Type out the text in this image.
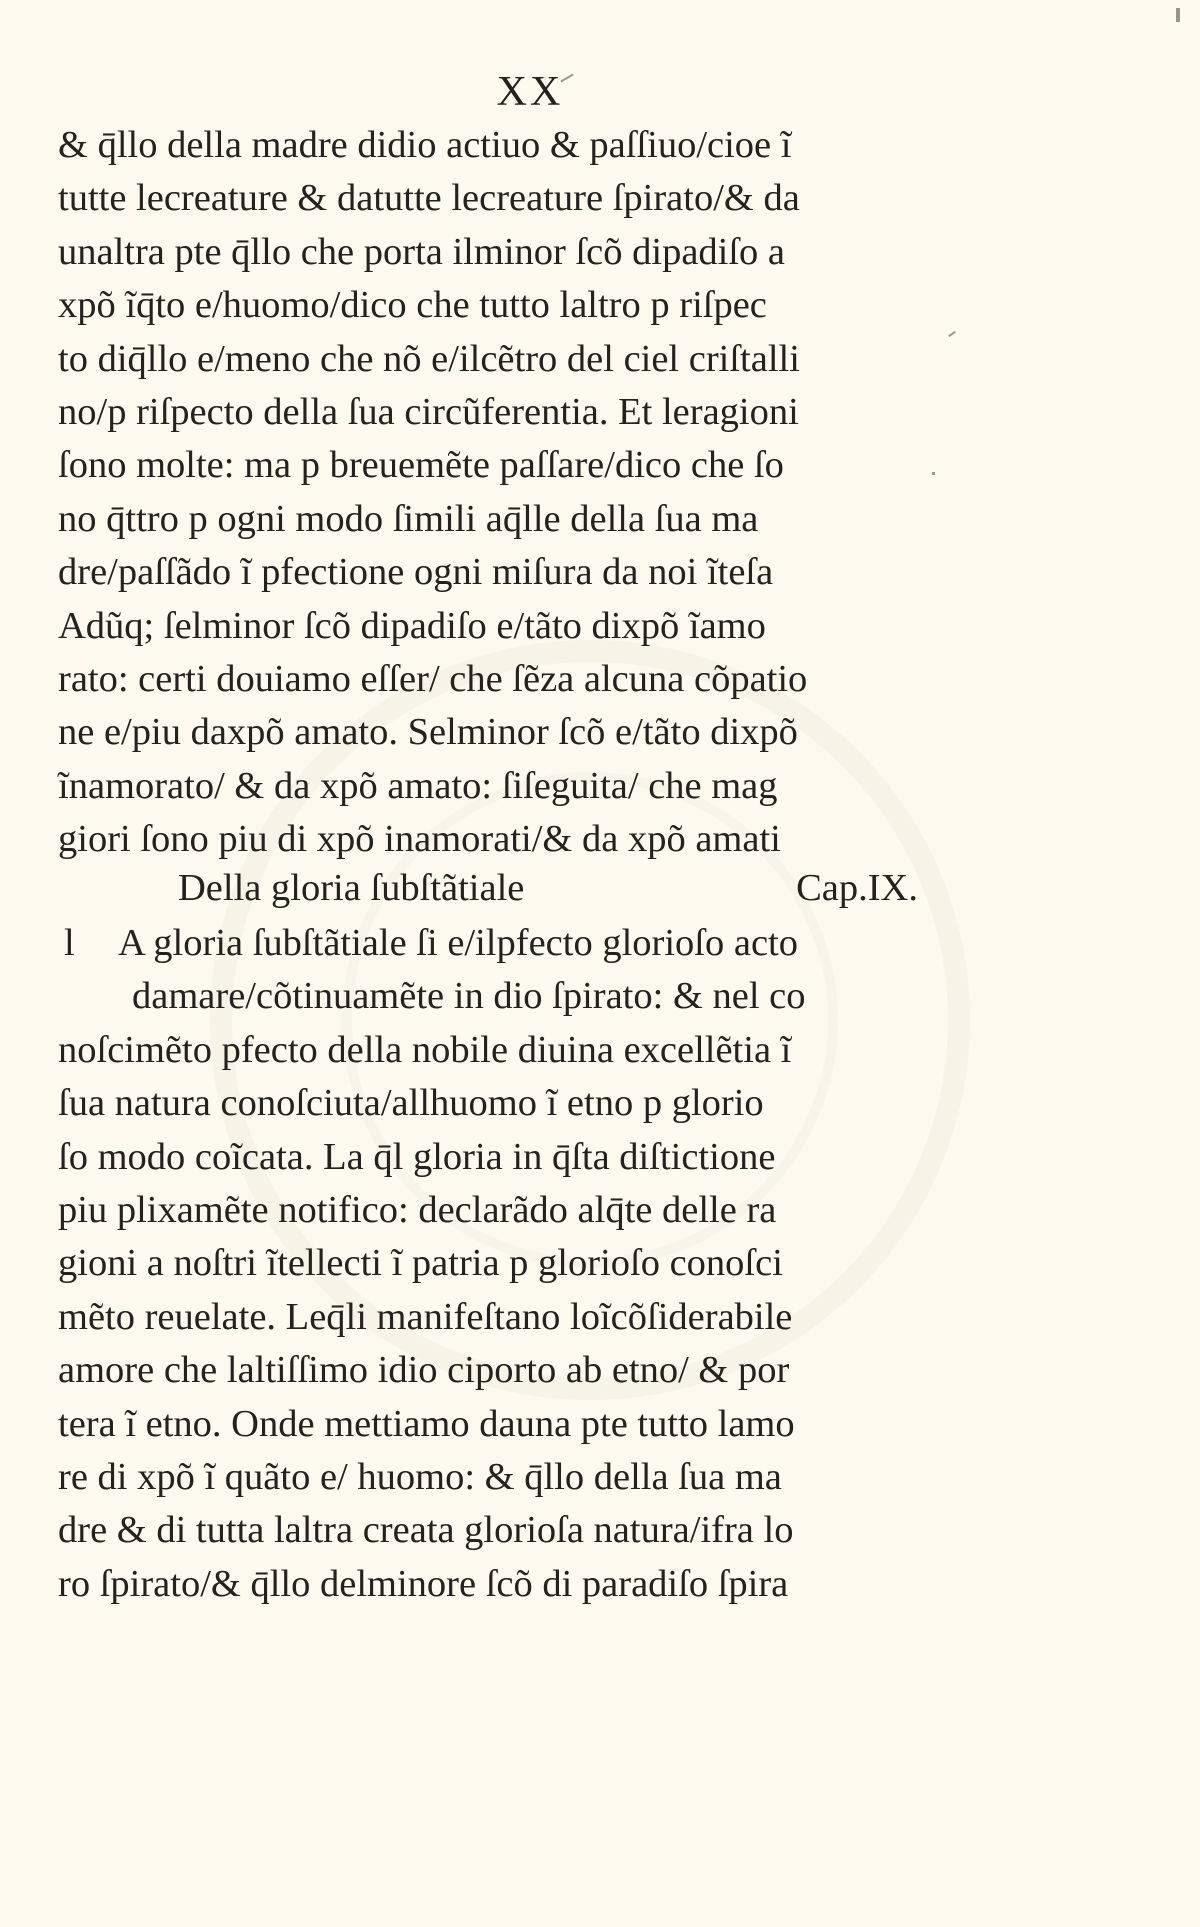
XX
& q̄llo della madre didio actiuo & paſſiuo/cioe ĩ
tutte lecreature & datutte lecreature ſpirato/& da
unaltra pte q̄llo che porta ilminor ſcõ dipadiſo a
xpõ ĩq̄to e/huomo/dico che tutto laltro p riſpec
to diq̄llo e/meno che nõ e/ilcẽtro del ciel criſtalli
no/p riſpecto della ſua circũferentia. Et leragioni
ſono molte: ma p breuemẽte paſſare/dico che ſo
no q̄ttro p ogni modo ſimili aq̄lle della ſua ma
dre/paſſãdo ĩ pfectione ogni miſura da noi ĩteſa
Adũq; ſelminor ſcõ dipadiſo e/tãto dixpõ ĩamo
rato: certi douiamo eſſer/ che ſẽza alcuna cõpatio
ne e/piu daxpõ amato. Selminor ſcõ e/tãto dixpõ
ĩnamorato/ & da xpõ amato: ſiſeguita/ che mag
giori ſono piu di xpõ inamorati/& da xpõ amati
Della gloria ſubſtãtiale	Cap.IX.
l A gloria ſubſtãtiale ſi e/ilpfecto glorioſo acto
damare/cõtinuamẽte in dio ſpirato: & nel co
noſcimẽto pfecto della nobile diuina excellẽtia ĩ
ſua natura conoſciuta/allhuomo ĩ etno p glorio
ſo modo coĩcata. La q̄l gloria in q̄ſta diſtictione
piu plixamẽte notifico: declarãdo alq̄te delle ra
gioni a noſtri ĩtellecti ĩ patria p glorioſo conoſci
mẽto reuelate. Leq̄li manifeſtano loĩcõſiderabile
amore che laltiſſimo idio ciporto ab etno/ & por
tera ĩ etno. Onde mettiamo dauna pte tutto lamo
re di xpõ ĩ quãto e/ huomo: & q̄llo della ſua ma
dre & di tutta laltra creata glorioſa natura/ifra lo
ro ſpirato/& q̄llo delminore ſcõ di paradiſo ſpira
